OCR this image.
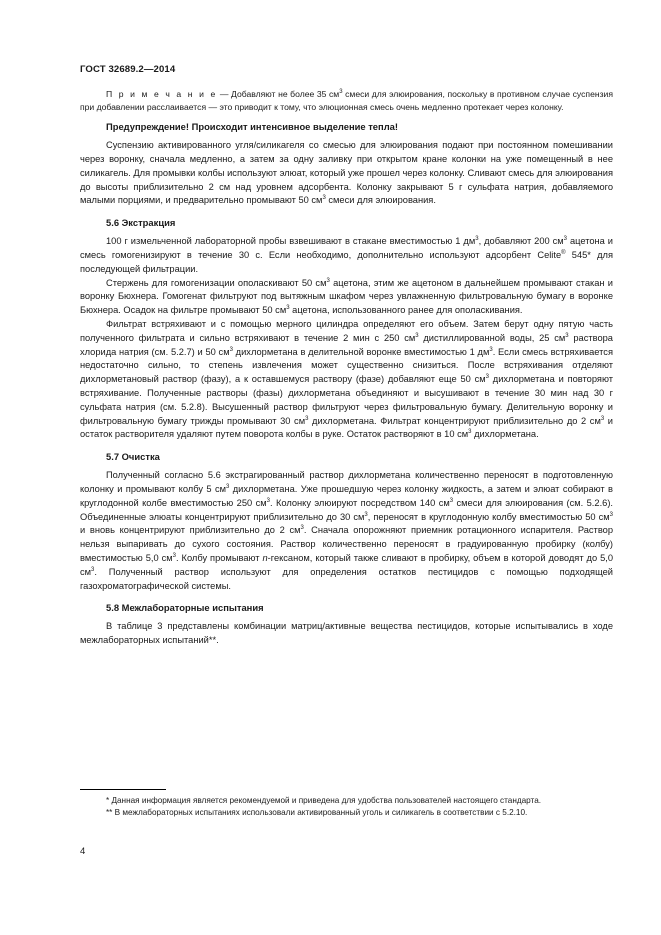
ГОСТ 32689.2—2014

П р и м е ч а н и е — Добавляют не более 35 $см^3$ смеси для элюирования, поскольку в противном случае суспензия при добавлении расслаивается — это приводит к тому, что элюционная смесь очень медленно протекает через колонку.

Предупреждение! Происходит интенсивное выделение тепла!

Суспензию активированного угля/силикагеля со смесью для элюирования подают при постоянном помешивании через воронку, сначала медленно, а затем за одну заливку при открытом кране колонки на уже помещенный в нее силикагель. Для промывки колбы используют элюат, который уже прошел через колонку. Сливают смесь для элюирования до высоты приблизительно 2 см над уровнем адсорбента. Колонку закрывают 5 г сульфата натрия, добавляемого малыми порциями, и предварительно промывают 50 $см^3$ смеси для элюирования.

5.6 Экстракция

100 г измельченной лабораторной пробы взвешивают в стакане вместимостью 1 $дм^3$, добавляют 200 $см^3$ ацетона и смесь гомогенизируют в течение 30 с. Если необходимо, дополнительно используют адсорбент Celite® 545* для последующей фильтрации.

Стержень для гомогенизации ополаскивают 50 $см^3$ ацетона, этим же ацетоном в дальнейшем промывают стакан и воронку Бюхнера. Гомогенат фильтруют под вытяжным шкафом через увлажненную фильтровальную бумагу в воронке Бюхнера. Осадок на фильтре промывают 50 $см^3$ ацетона, использованного ранее для ополаскивания.

Фильтрат встряхивают и с помощью мерного цилиндра определяют его объем. Затем берут одну пятую часть полученного фильтрата и сильно встряхивают в течение 2 мин с 250 $см^3$ дистиллированной воды, 25 $см^3$ раствора хлорида натрия (см. 5.2.7) и 50 $см^3$ дихлорметана в делительной воронке вместимостью 1 $дм^3$. Если смесь встряхивается недостаточно сильно, то степень извлечения может существенно снизиться. После встряхивания отделяют дихлорметановый раствор (фазу), а к оставшемуся раствору (фазе) добавляют еще 50 $см^3$ дихлорметана и повторяют встряхивание. Полученные растворы (фазы) дихлорметана объединяют и высушивают в течение 30 мин над 30 г сульфата натрия (см. 5.2.8). Высушенный раствор фильтруют через фильтровальную бумагу. Делительную воронку и фильтровальную бумагу трижды промывают 30 $см^3$ дихлорметана. Фильтрат концентрируют приблизительно до 2 $см^3$ и остаток растворителя удаляют путем поворота колбы в руке. Остаток растворяют в 10 $см^3$ дихлорметана.

5.7 Очистка

Полученный согласно 5.6 экстрагированный раствор дихлорметана количественно переносят в подготовленную колонку и промывают колбу 5 $см^3$ дихлорметана. Уже прошедшую через колонку жидкость, а затем и элюат собирают в круглодонной колбе вместимостью 250 $см^3$. Колонку элюируют посредством 140 $см^3$ смеси для элюирования (см. 5.2.6). Объединенные элюаты концентрируют приблизительно до 30 $см^3$, переносят в круглодонную колбу вместимостью 50 $см^3$ и вновь концентрируют приблизительно до 2 $см^3$. Сначала опорожняют приемник ротационного испарителя. Раствор нельзя выпаривать до сухого состояния. Раствор количественно переносят в градуированную пробирку (колбу) вместимостью 5,0 $см^3$. Колбу промывают n-гексаном, который также сливают в пробирку, объем в которой доводят до 5,0 $см^3$. Полученный раствор используют для определения остатков пестицидов с помощью подходящей газохроматографической системы.

5.8 Межлабораторные испытания

В таблице 3 представлены комбинации матриц/активные вещества пестицидов, которые испытывались в ходе межлабораторных испытаний**.

* Данная информация является рекомендуемой и приведена для удобства пользователей настоящего стандарта.

** В межлабораторных испытаниях использовали активированный уголь и силикагель в соответствии с 5.2.10.

4
